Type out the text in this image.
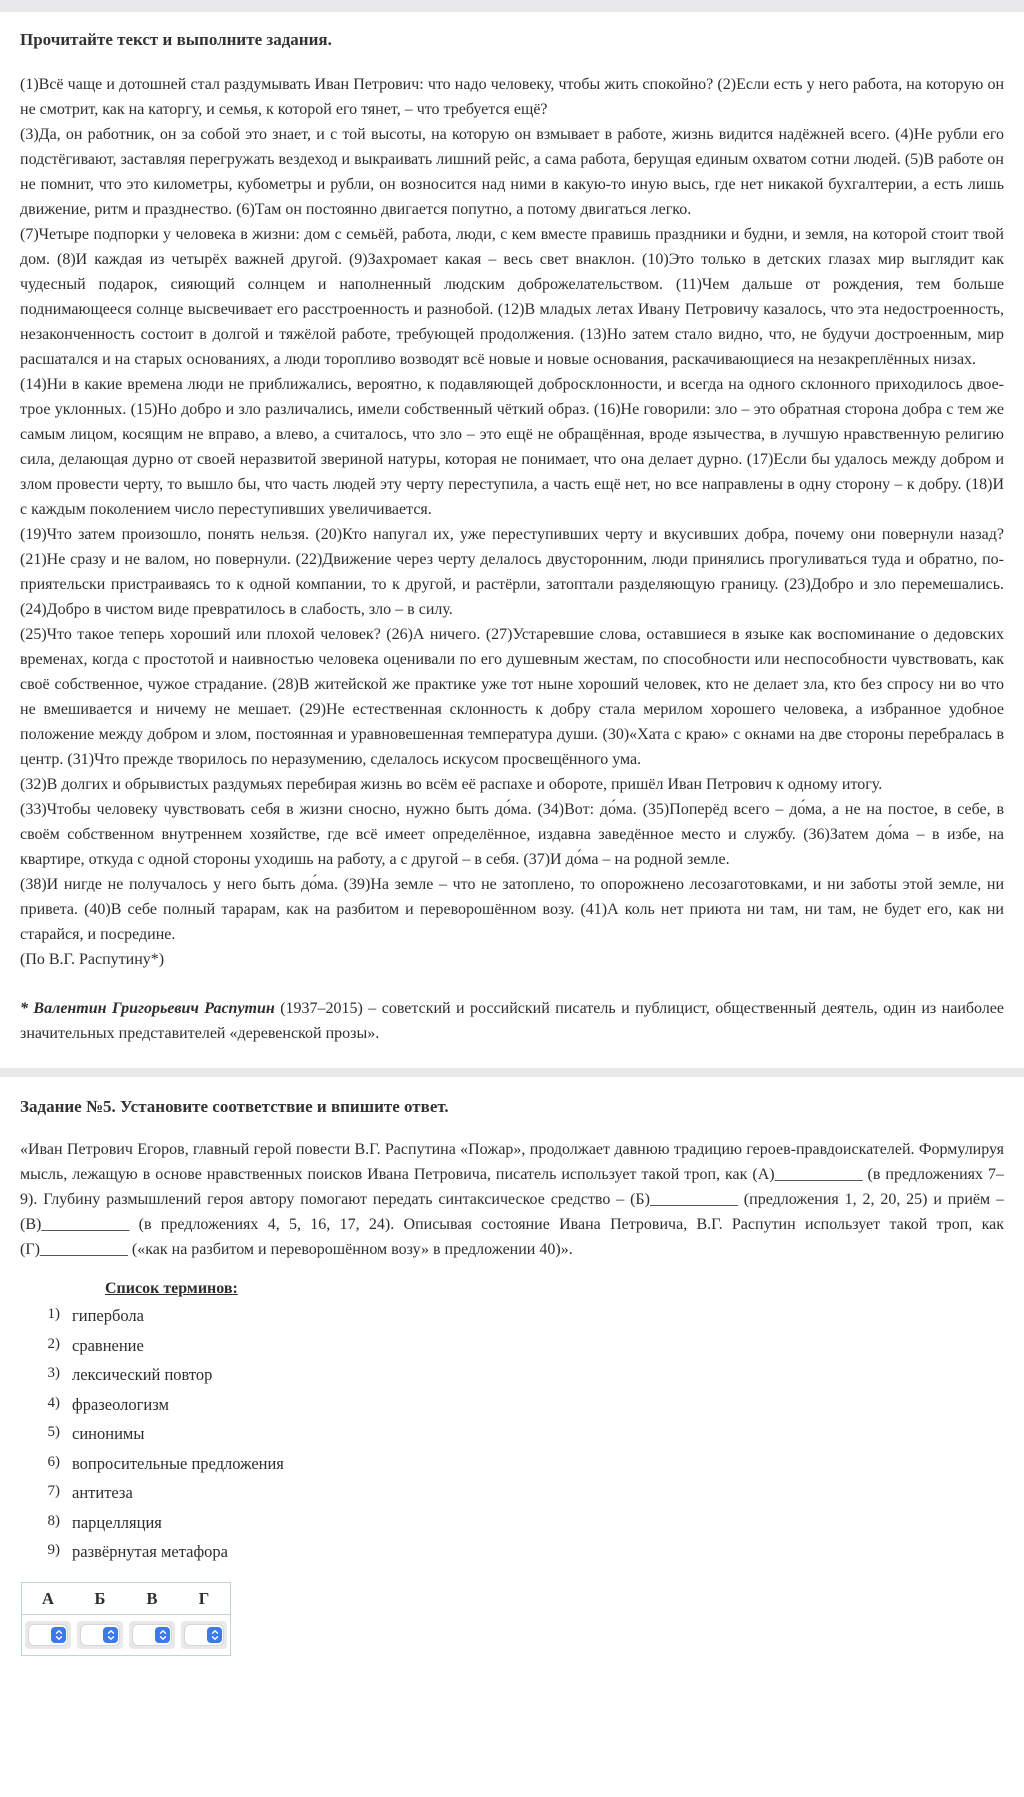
Прочитайте текст и выполните задания.

(1)Всё чаще и дотошней стал раздумывать Иван Петрович: что надо человеку, чтобы жить спокойно? (2)Если есть у него работа, на которую он не смотрит, как на каторгу, и семья, к которой его тянет, – что требуется ещё?

(3)Да, он работник, он за собой это знает, и с той высоты, на которую он взмывает в работе, жизнь видится надёжней всего. (4)Не рубли его подстёгивают, заставляя перегружать вездеход и выкраивать лишний рейс, а сама работа, берущая единым охватом сотни людей. (5)В работе он не помнит, что это километры, кубометры и рубли, он возносится над ними в какую-то иную высь, где нет никакой бухгалтерии, а есть лишь движение, ритм и празднество. (6)Там он постоянно двигается попутно, а потому двигаться легко.

(7)Четыре подпорки у человека в жизни: дом с семьёй, работа, люди, с кем вместе правишь праздники и будни, и земля, на которой стоит твой дом. (8)И каждая из четырёх важней другой. (9)Захромает какая – весь свет внаклон. (10)Это только в детских глазах мир выглядит как чудесный подарок, сияющий солнцем и наполненный людским доброжелательством. (11)Чем дальше от рождения, тем больше поднимающееся солнце высвечивает его расстроенность и разнобой. (12)В младых летах Ивану Петровичу казалось, что эта недостроенность, незаконченность состоит в долгой и тяжёлой работе, требующей продолжения. (13)Но затем стало видно, что, не будучи достроенным, мир расшатался и на старых основаниях, а люди торопливо возводят всё новые и новые основания, раскачивающиеся на незакреплённых низах.

(14)Ни в какие времена люди не приближались, вероятно, к подавляющей добросклонности, и всегда на одного склонного приходилось двое-трое уклонных. (15)Но добро и зло различались, имели собственный чёткий образ. (16)Не говорили: зло – это обратная сторона добра с тем же самым лицом, косящим не вправо, а влево, а считалось, что зло – это ещё не обращённая, вроде язычества, в лучшую нравственную религию сила, делающая дурно от своей неразвитой звериной натуры, которая не понимает, что она делает дурно. (17)Если бы удалось между добром и злом провести черту, то вышло бы, что часть людей эту черту переступила, а часть ещё нет, но все направлены в одну сторону – к добру. (18)И с каждым поколением число переступивших увеличивается.

(19)Что затем произошло, понять нельзя. (20)Кто напугал их, уже переступивших черту и вкусивших добра, почему они повернули назад? (21)Не сразу и не валом, но повернули. (22)Движение через черту делалось двусторонним, люди принялись прогуливаться туда и обратно, по-приятельски пристраиваясь то к одной компании, то к другой, и растёрли, затоптали разделяющую границу. (23)Добро и зло перемешались. (24)Добро в чистом виде превратилось в слабость, зло – в силу.

(25)Что такое теперь хороший или плохой человек? (26)А ничего. (27)Устаревшие слова, оставшиеся в языке как воспоминание о дедовских временах, когда с простотой и наивностью человека оценивали по его душевным жестам, по способности или неспособности чувствовать, как своё собственное, чужое страдание. (28)В житейской же практике уже тот ныне хороший человек, кто не делает зла, кто без спросу ни во что не вмешивается и ничему не мешает. (29)Не естественная склонность к добру стала мерилом хорошего человека, а избранное удобное положение между добром и злом, постоянная и уравновешенная температура души. (30)«Хата с краю» с окнами на две стороны перебралась в центр. (31)Что прежде творилось по неразумению, сделалось искусом просвещённого ума.

(32)В долгих и обрывистых раздумьях перебирая жизнь во всём её распахе и обороте, пришёл Иван Петрович к одному итогу.

(33)Чтобы человеку чувствовать себя в жизни сносно, нужно быть до́ма. (34)Вот: до́ма. (35)Поперёд всего – до́ма, а не на постое, в себе, в своём собственном внутреннем хозяйстве, где всё имеет определённое, издавна заведённое место и службу. (36)Затем до́ма – в избе, на квартире, откуда с одной стороны уходишь на работу, а с другой – в себя. (37)И до́ма – на родной земле.

(38)И нигде не получалось у него быть до́ма. (39)На земле – что не затоплено, то опорожнено лесозаготовками, и ни заботы этой земле, ни привета. (40)В себе полный тарарам, как на разбитом и переворошённом возу. (41)А коль нет приюта ни там, ни там, не будет его, как ни старайся, и посредине.

(По В.Г. Распутину*)

* Валентин Григорьевич Распутин (1937–2015) – советский и российский писатель и публицист, общественный деятель, один из наиболее значительных представителей «деревенской прозы».

Задание №5. Установите соответствие и впишите ответ.

«Иван Петрович Егоров, главный герой повести В.Г. Распутина «Пожар», продолжает давнюю традицию героев-правдоискателей. Формулируя мысль, лежащую в основе нравственных поисков Ивана Петровича, писатель использует такой троп, как (А)___________ (в предложениях 7–9). Глубину размышлений героя автору помогают передать синтаксическое средство – (Б)___________ (предложения 1, 2, 20, 25) и приём – (В)___________ (в предложениях 4, 5, 16, 17, 24). Описывая состояние Ивана Петровича, В.Г. Распутин использует такой троп, как (Г)___________ («как на разбитом и переворошённом возу» в предложении 40)».

Список терминов:
1) гипербола
2) сравнение
3) лексический повтор
4) фразеологизм
5) синонимы
6) вопросительные предложения
7) антитеза
8) парцелляция
9) развёрнутая метафора
А	Б	В	Г
